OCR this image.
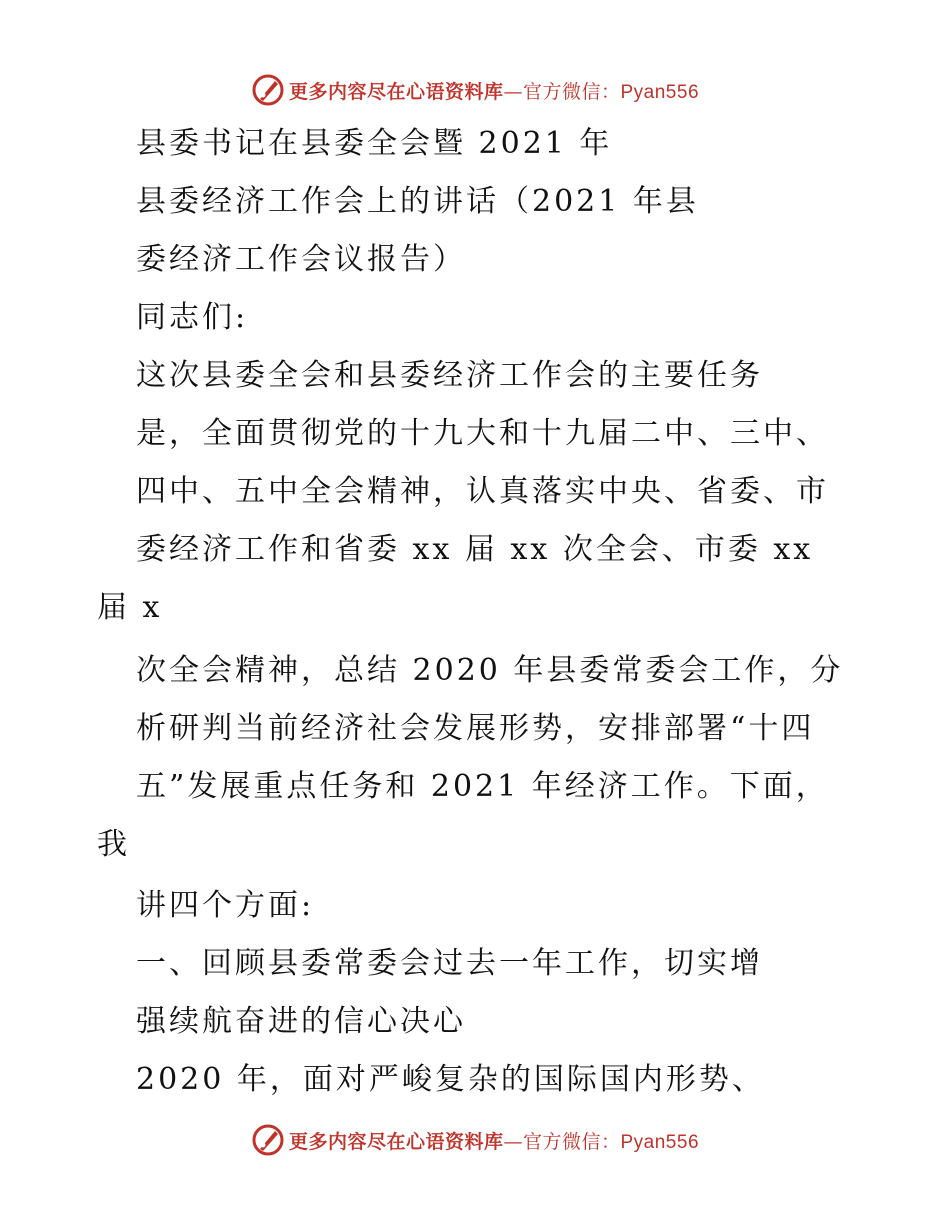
更多内容尽在心语资料库—官方微信：Pyan556
县委书记在县委全会暨 2021 年
县委经济工作会上的讲话（2021 年县
委经济工作会议报告）
同志们:
这次县委全会和县委经济工作会的主要任务
是，全面贯彻党的十九大和十九届二中、三中、
四中、五中全会精神，认真落实中央、省委、市
委经济工作和省委 xx 届 xx 次全会、市委 xx
届 x
次全会精神，总结 2020 年县委常委会工作，分
析研判当前经济社会发展形势，安排部署“十四
五”发展重点任务和 2021 年经济工作。下面，
我
讲四个方面:
一、回顾县委常委会过去一年工作，切实增
强续航奋进的信心决心
2020 年，面对严峻复杂的国际国内形势、
更多内容尽在心语资料库—官方微信：Pyan556
